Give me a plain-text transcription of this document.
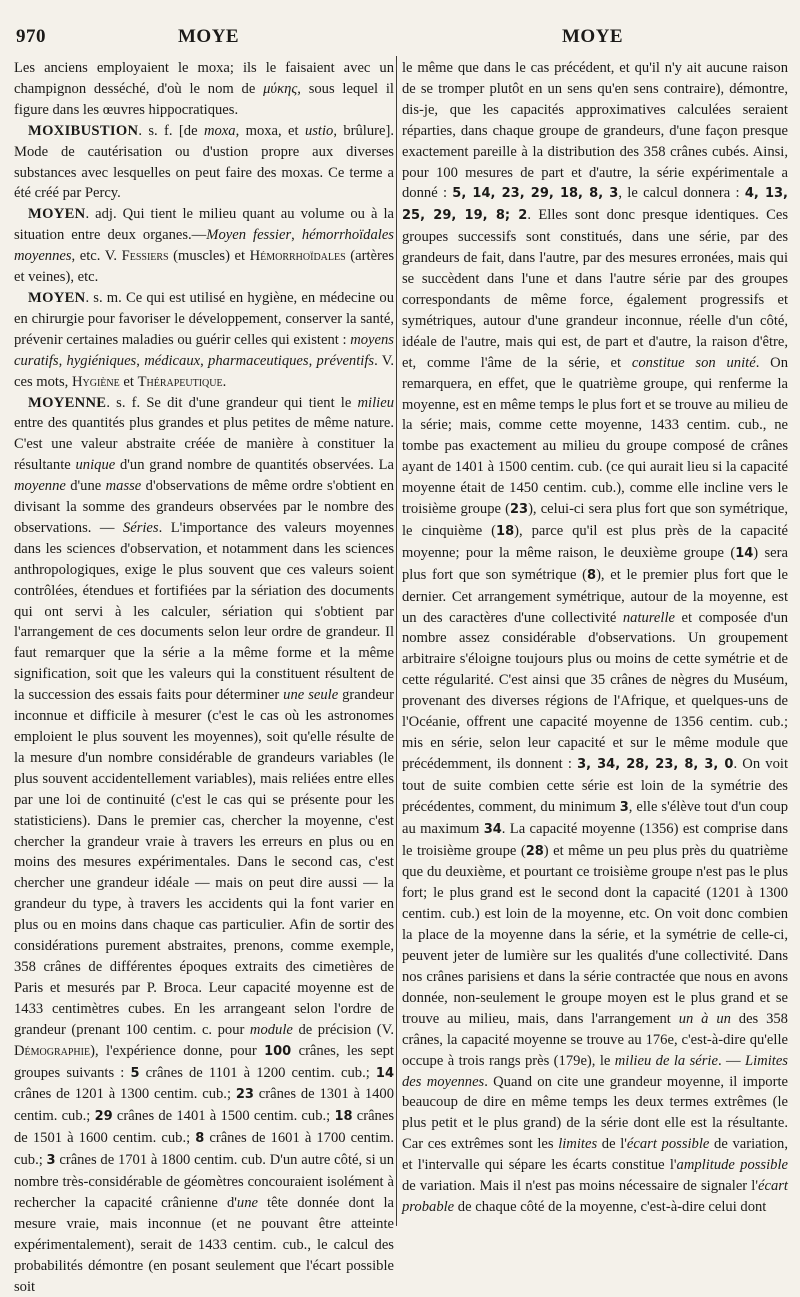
970	MOYE	MOYE

Les anciens employaient le moxa; ils le faisaient avec un champignon desséché, d'où le nom de μύκης, sous lequel il figure dans les œuvres hippocratiques.

MOXIBUSTION. s. f. [de moxa, moxa, et ustio, brûlure]. Mode de cautérisation ou d'ustion propre aux diverses substances avec lesquelles on peut faire des moxas. Ce terme a été créé par Percy.

MOYEN. adj. Qui tient le milieu quant au volume ou à la situation entre deux organes.—Moyen fessier, hémorrhoïdales moyennes, etc. V. Fessiers (muscles) et Hémorrhoïdales (artères et veines), etc.

MOYEN. s. m. Ce qui est utilisé en hygiène, en médecine ou en chirurgie pour favoriser le développement, conserver la santé, prévenir certaines maladies ou guérir celles qui existent : moyens curatifs, hygiéniques, médicaux, pharmaceutiques, préventifs. V. ces mots, Hygiène et Thérapeutique.

MOYENNE. s. f. Se dit d'une grandeur qui tient le milieu entre des quantités plus grandes et plus petites de même nature. C'est une valeur abstraite créée de manière à constituer la résultante unique d'un grand nombre de quantités observées. La moyenne d'une masse d'observations de même ordre s'obtient en divisant la somme des grandeurs observées par le nombre des observations. — Séries. L'importance des valeurs moyennes dans les sciences d'observation, et notamment dans les sciences anthropologiques, exige le plus souvent que ces valeurs soient contrôlées, étendues et fortifiées par la sériation des documents qui ont servi à les calculer, sériation qui s'obtient par l'arrangement de ces documents selon leur ordre de grandeur. Il faut remarquer que la série a la même forme et la même signification, soit que les valeurs qui la constituent résultent de la succession des essais faits pour déterminer une seule grandeur inconnue et difficile à mesurer (c'est le cas où les astronomes emploient le plus souvent les moyennes), soit qu'elle résulte de la mesure d'un nombre considérable de grandeurs variables (le plus souvent accidentellement variables), mais reliées entre elles par une loi de continuité (c'est le cas qui se présente pour les statisticiens). Dans le premier cas, chercher la moyenne, c'est chercher la grandeur vraie à travers les erreurs en plus ou en moins des mesures expérimentales. Dans le second cas, c'est chercher une grandeur idéale — mais on peut dire aussi — la grandeur du type, à travers les accidents qui la font varier en plus ou en moins dans chaque cas particulier. Afin de sortir des considérations purement abstraites, prenons, comme exemple, 358 crânes de différentes époques extraits des cimetières de Paris et mesurés par P. Broca. Leur capacité moyenne est de 1433 centimètres cubes. En les arrangeant selon l'ordre de grandeur (prenant 100 centim. c. pour module de précision (V. Démographie), l'expérience donne, pour 100 crânes, les sept groupes suivants : 5 crânes de 1101 à 1200 centim. cub.; 14 crânes de 1201 à 1300 centim. cub.; 23 crânes de 1301 à 1400 centim. cub.; 29 crânes de 1401 à 1500 centim. cub.; 18 crânes de 1501 à 1600 centim. cub.; 8 crânes de 1601 à 1700 centim. cub.; 3 crânes de 1701 à 1800 centim. cub. D'un autre côté, si un nombre très-considérable de géomètres concouraient isolément à rechercher la capacité crânienne d'une tête donnée dont la mesure vraie, mais inconnue (et ne pouvant être atteinte expérimentalement), serait de 1433 centim. cub., le calcul des probabilités démontre (en posant seulement que l'écart possible soit

le même que dans le cas précédent, et qu'il n'y ait aucune raison de se tromper plutôt en un sens qu'en sens contraire), démontre, dis-je, que les capacités approximatives calculées seraient réparties, dans chaque groupe de grandeurs, d'une façon presque exactement pareille à la distribution des 358 crânes cubés. Ainsi, pour 100 mesures de part et d'autre, la série expérimentale a donné : 5, 14, 23, 29, 18, 8, 3, le calcul donnera : 4, 13, 25, 29, 19, 8; 2. Elles sont donc presque identiques. Ces groupes successifs sont constitués, dans une série, par des grandeurs de fait, dans l'autre, par des mesures erronées, mais qui se succèdent dans l'une et dans l'autre série par des groupes correspondants de même force, également progressifs et symétriques, autour d'une grandeur inconnue, réelle d'un côté, idéale de l'autre, mais qui est, de part et d'autre, la raison d'être, et, comme l'âme de la série, et constitue son unité. On remarquera, en effet, que le quatrième groupe, qui renferme la moyenne, est en même temps le plus fort et se trouve au milieu de la série; mais, comme cette moyenne, 1433 centim. cub., ne tombe pas exactement au milieu du groupe composé de crânes ayant de 1401 à 1500 centim. cub. (ce qui aurait lieu si la capacité moyenne était de 1450 centim. cub.), comme elle incline vers le troisième groupe (23), celui-ci sera plus fort que son symétrique, le cinquième (18), parce qu'il est plus près de la capacité moyenne; pour la même raison, le deuxième groupe (14) sera plus fort que son symétrique (8), et le premier plus fort que le dernier. Cet arrangement symétrique, autour de la moyenne, est un des caractères d'une collectivité naturelle et composée d'un nombre assez considérable d'observations. Un groupement arbitraire s'éloigne toujours plus ou moins de cette symétrie et de cette régularité. C'est ainsi que 35 crânes de nègres du Muséum, provenant des diverses régions de l'Afrique, et quelques-uns de l'Océanie, offrent une capacité moyenne de 1356 centim. cub.; mis en série, selon leur capacité et sur le même module que précédemment, ils donnent : 3, 34, 28, 23, 8, 3, 0. On voit tout de suite combien cette série est loin de la symétrie des précédentes, comment, du minimum 3, elle s'élève tout d'un coup au maximum 34. La capacité moyenne (1356) est comprise dans le troisième groupe (28) et même un peu plus près du quatrième que du deuxième, et pourtant ce troisième groupe n'est pas le plus fort; le plus grand est le second dont la capacité (1201 à 1300 centim. cub.) est loin de la moyenne, etc. On voit donc combien la place de la moyenne dans la série, et la symétrie de celle-ci, peuvent jeter de lumière sur les qualités d'une collectivité. Dans nos crânes parisiens et dans la série contractée que nous en avons donnée, non-seulement le groupe moyen est le plus grand et se trouve au milieu, mais, dans l'arrangement un à un des 358 crânes, la capacité moyenne se trouve au 176e, c'est-à-dire qu'elle occupe à trois rangs près (179e), le milieu de la série. — Limites des moyennes. Quand on cite une grandeur moyenne, il importe beaucoup de dire en même temps les deux termes extrêmes (le plus petit et le plus grand) de la série dont elle est la résultante. Car ces extrêmes sont les limites de l'écart possible de variation, et l'intervalle qui sépare les écarts constitue l'amplitude possible de variation. Mais il n'est pas moins nécessaire de signaler l'écart probable de chaque côté de la moyenne, c'est-à-dire celui dont
